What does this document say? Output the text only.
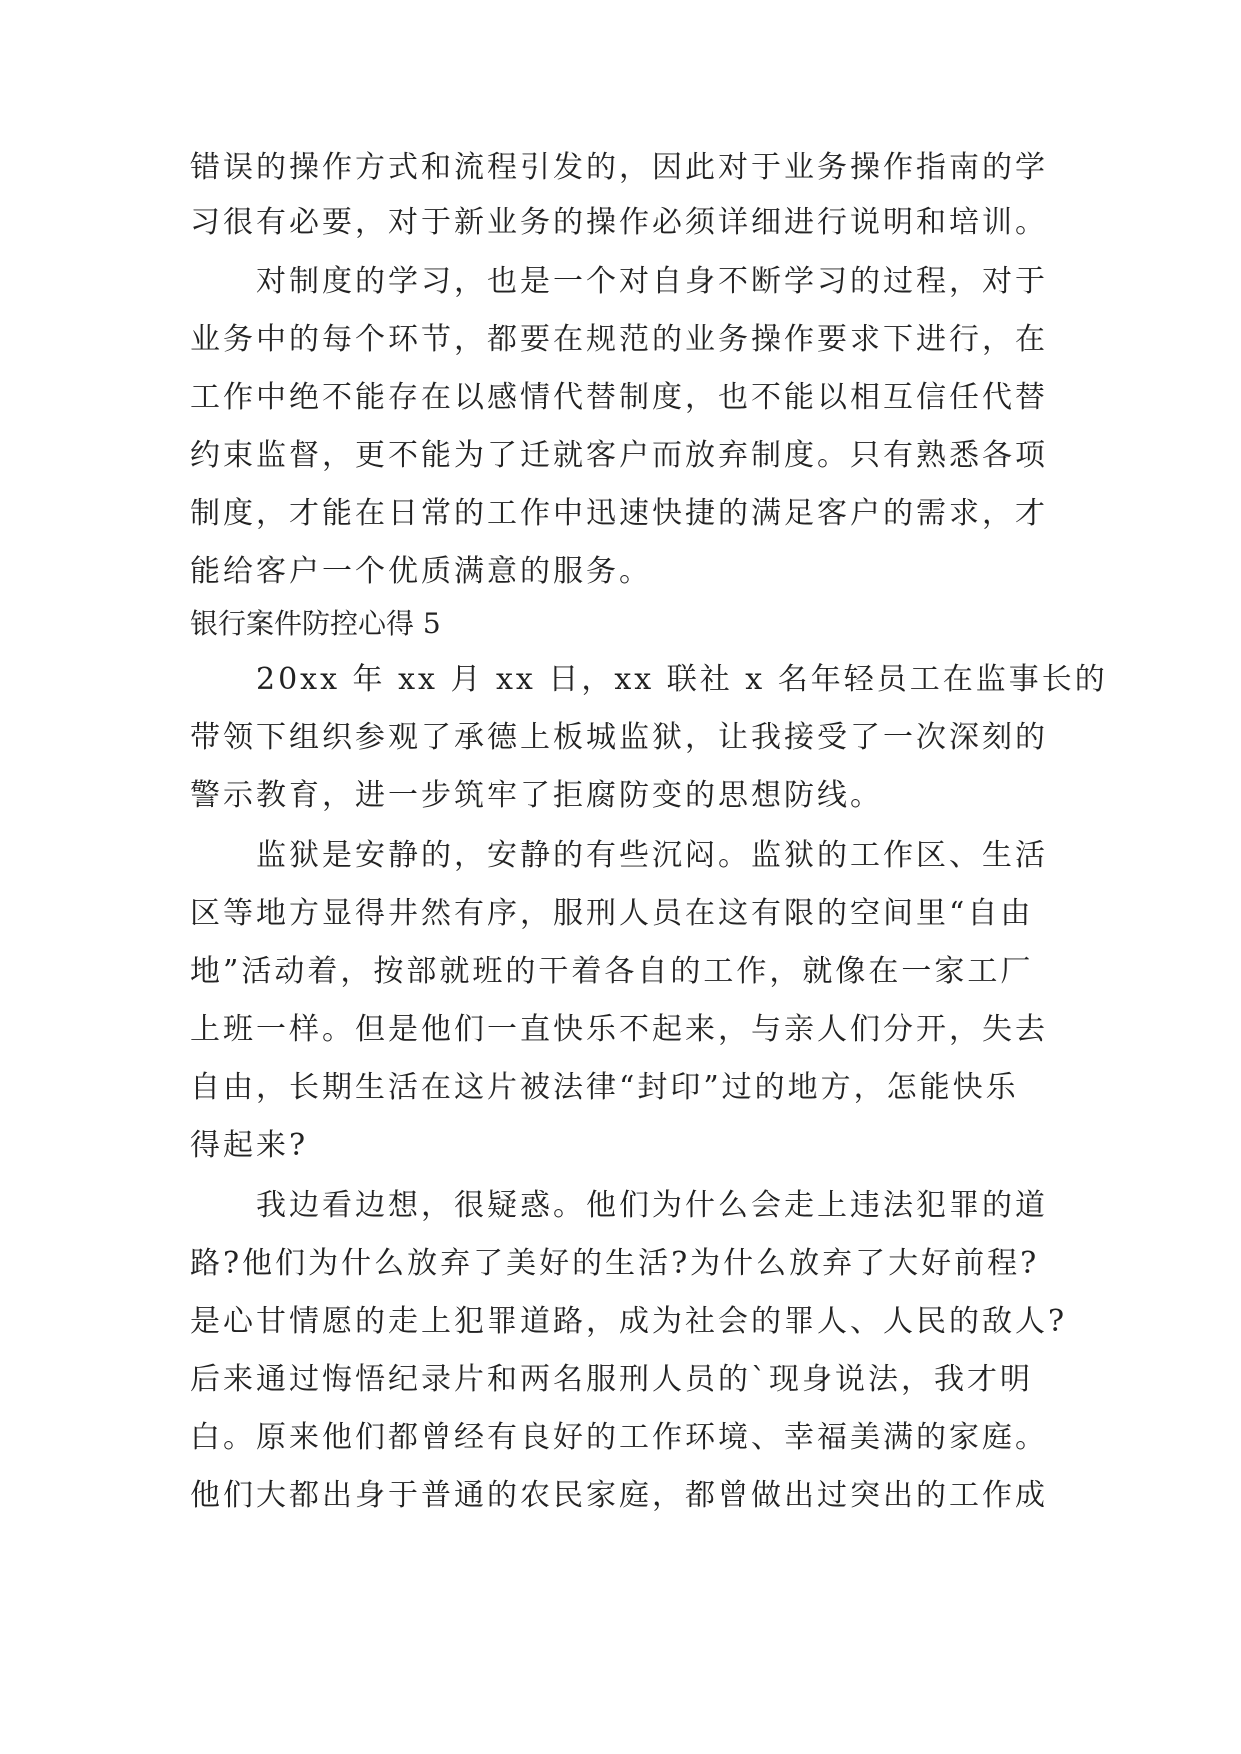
错误的操作方式和流程引发的，因此对于业务操作指南的学
习很有必要，对于新业务的操作必须详细进行说明和培训。
对制度的学习，也是一个对自身不断学习的过程，对于
业务中的每个环节，都要在规范的业务操作要求下进行，在
工作中绝不能存在以感情代替制度，也不能以相互信任代替
约束监督，更不能为了迁就客户而放弃制度。只有熟悉各项
制度，才能在日常的工作中迅速快捷的满足客户的需求，才
能给客户一个优质满意的服务。
银行案件防控心得 5
20xx 年 xx 月 xx 日，xx 联社 x 名年轻员工在监事长的
带领下组织参观了承德上板城监狱，让我接受了一次深刻的
警示教育，进一步筑牢了拒腐防变的思想防线。
监狱是安静的，安静的有些沉闷。监狱的工作区、生活
区等地方显得井然有序，服刑人员在这有限的空间里“自由
地”活动着，按部就班的干着各自的工作，就像在一家工厂
上班一样。但是他们一直快乐不起来，与亲人们分开，失去
自由，长期生活在这片被法律“封印”过的地方，怎能快乐
得起来?
我边看边想，很疑惑。他们为什么会走上违法犯罪的道
路?他们为什么放弃了美好的生活?为什么放弃了大好前程?
是心甘情愿的走上犯罪道路，成为社会的罪人、人民的敌人?
后来通过悔悟纪录片和两名服刑人员的`现身说法，我才明
白。原来他们都曾经有良好的工作环境、幸福美满的家庭。
他们大都出身于普通的农民家庭，都曾做出过突出的工作成
